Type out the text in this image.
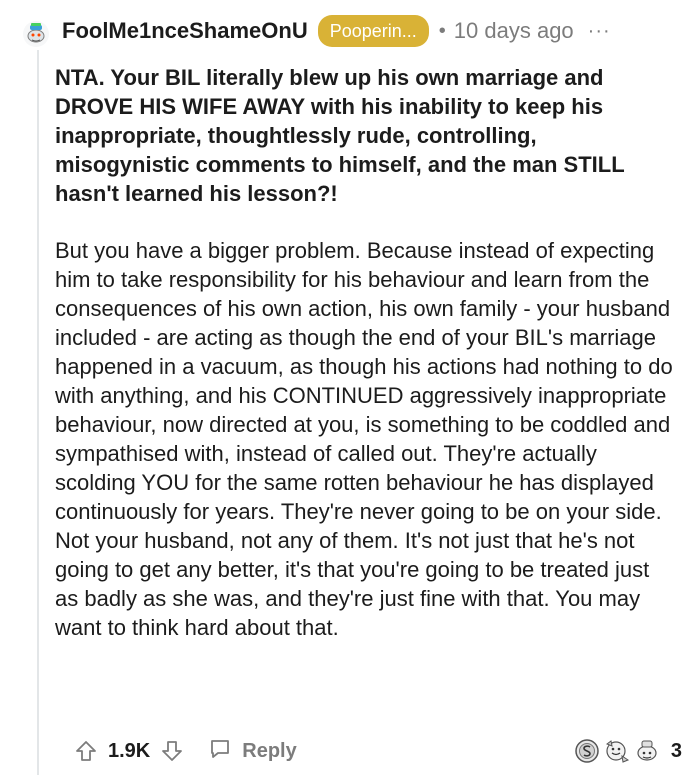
FoolMe1nceShameOnU	Pooperin...	• 10 days ago ···

NTA. Your BIL literally blew up his own marriage and DROVE HIS WIFE AWAY with his inability to keep his inappropriate, thoughtlessly rude, controlling, misogynistic comments to himself, and the man STILL hasn't learned his lesson?!

But you have a bigger problem. Because instead of expecting him to take responsibility for his behaviour and learn from the consequences of his own action, his own family - your husband included - are acting as though the end of your BIL's marriage happened in a vacuum, as though his actions had nothing to do with anything, and his CONTINUED aggressively inappropriate behaviour, now directed at you, is something to be coddled and sympathised with, instead of called out. They're actually scolding YOU for the same rotten behaviour he has displayed continuously for years. They're never going to be on your side. Not your husband, not any of them. It's not just that he's not going to get any better, it's that you're going to be treated just as badly as she was, and they're just fine with that. You may want to think hard about that.

1.9K	Reply	3
